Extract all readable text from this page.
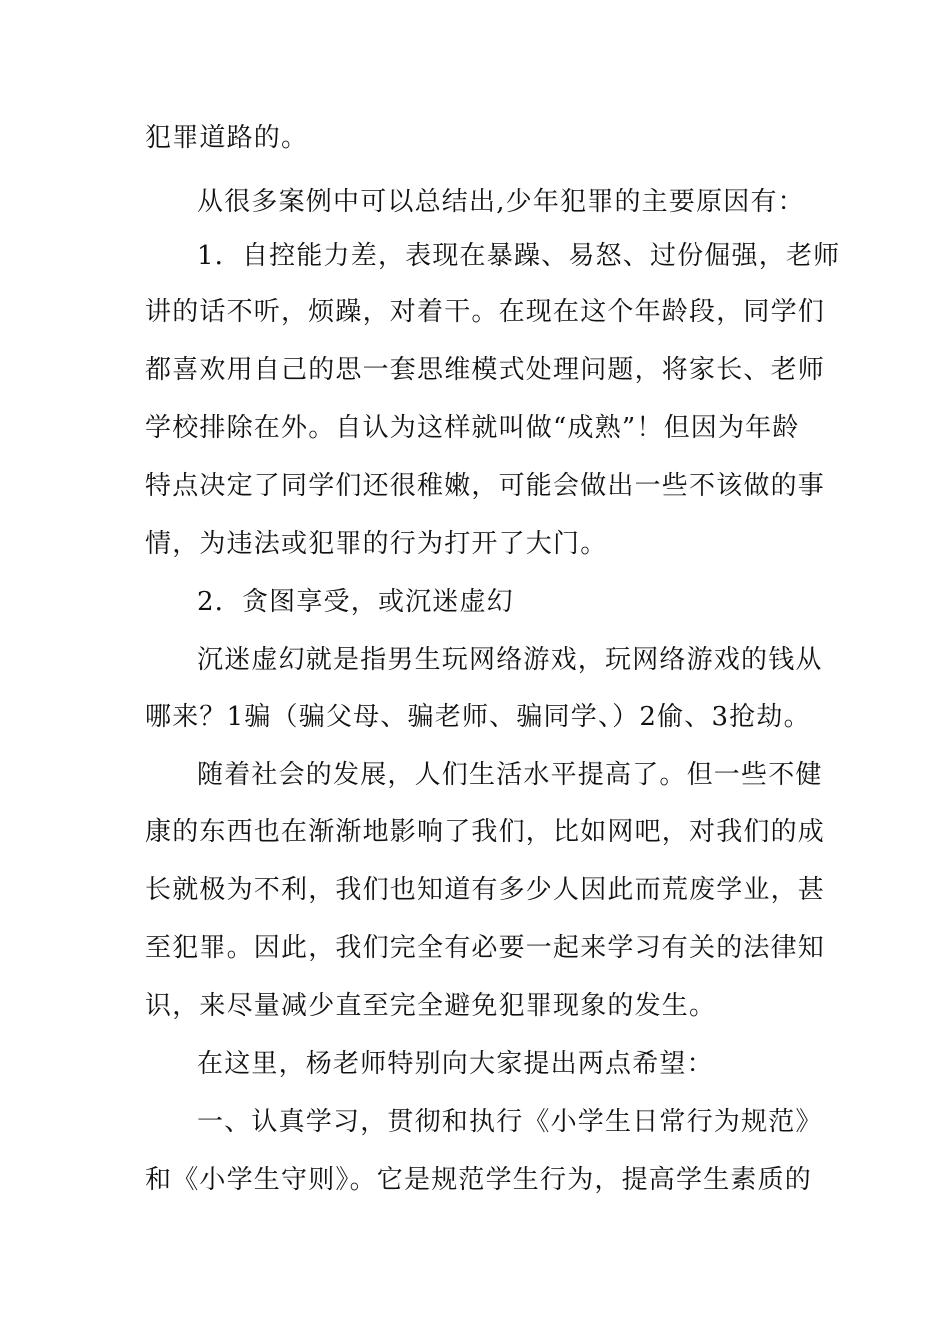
犯罪道路的。
从很多案例中可以总结出,少年犯罪的主要原因有：
1．自控能力差，表现在暴躁、易怒、过份倔强，老师
讲的话不听，烦躁，对着干。在现在这个年龄段，同学们
都喜欢用自己的思一套思维模式处理问题，将家长、老师
学校排除在外。自认为这样就叫做“成熟”！但因为年龄
特点决定了同学们还很稚嫩，可能会做出一些不该做的事
情，为违法或犯罪的行为打开了大门。
2．贪图享受，或沉迷虚幻
沉迷虚幻就是指男生玩网络游戏，玩网络游戏的钱从
哪来？1骗（骗父母、骗老师、骗同学、）2偷、3抢劫。
随着社会的发展，人们生活水平提高了。但一些不健
康的东西也在渐渐地影响了我们，比如网吧，对我们的成
长就极为不利，我们也知道有多少人因此而荒废学业，甚
至犯罪。因此，我们完全有必要一起来学习有关的法律知
识，来尽量减少直至完全避免犯罪现象的发生。
在这里，杨老师特别向大家提出两点希望：
一、认真学习，贯彻和执行《小学生日常行为规范》
和《小学生守则》。它是规范学生行为，提高学生素质的
